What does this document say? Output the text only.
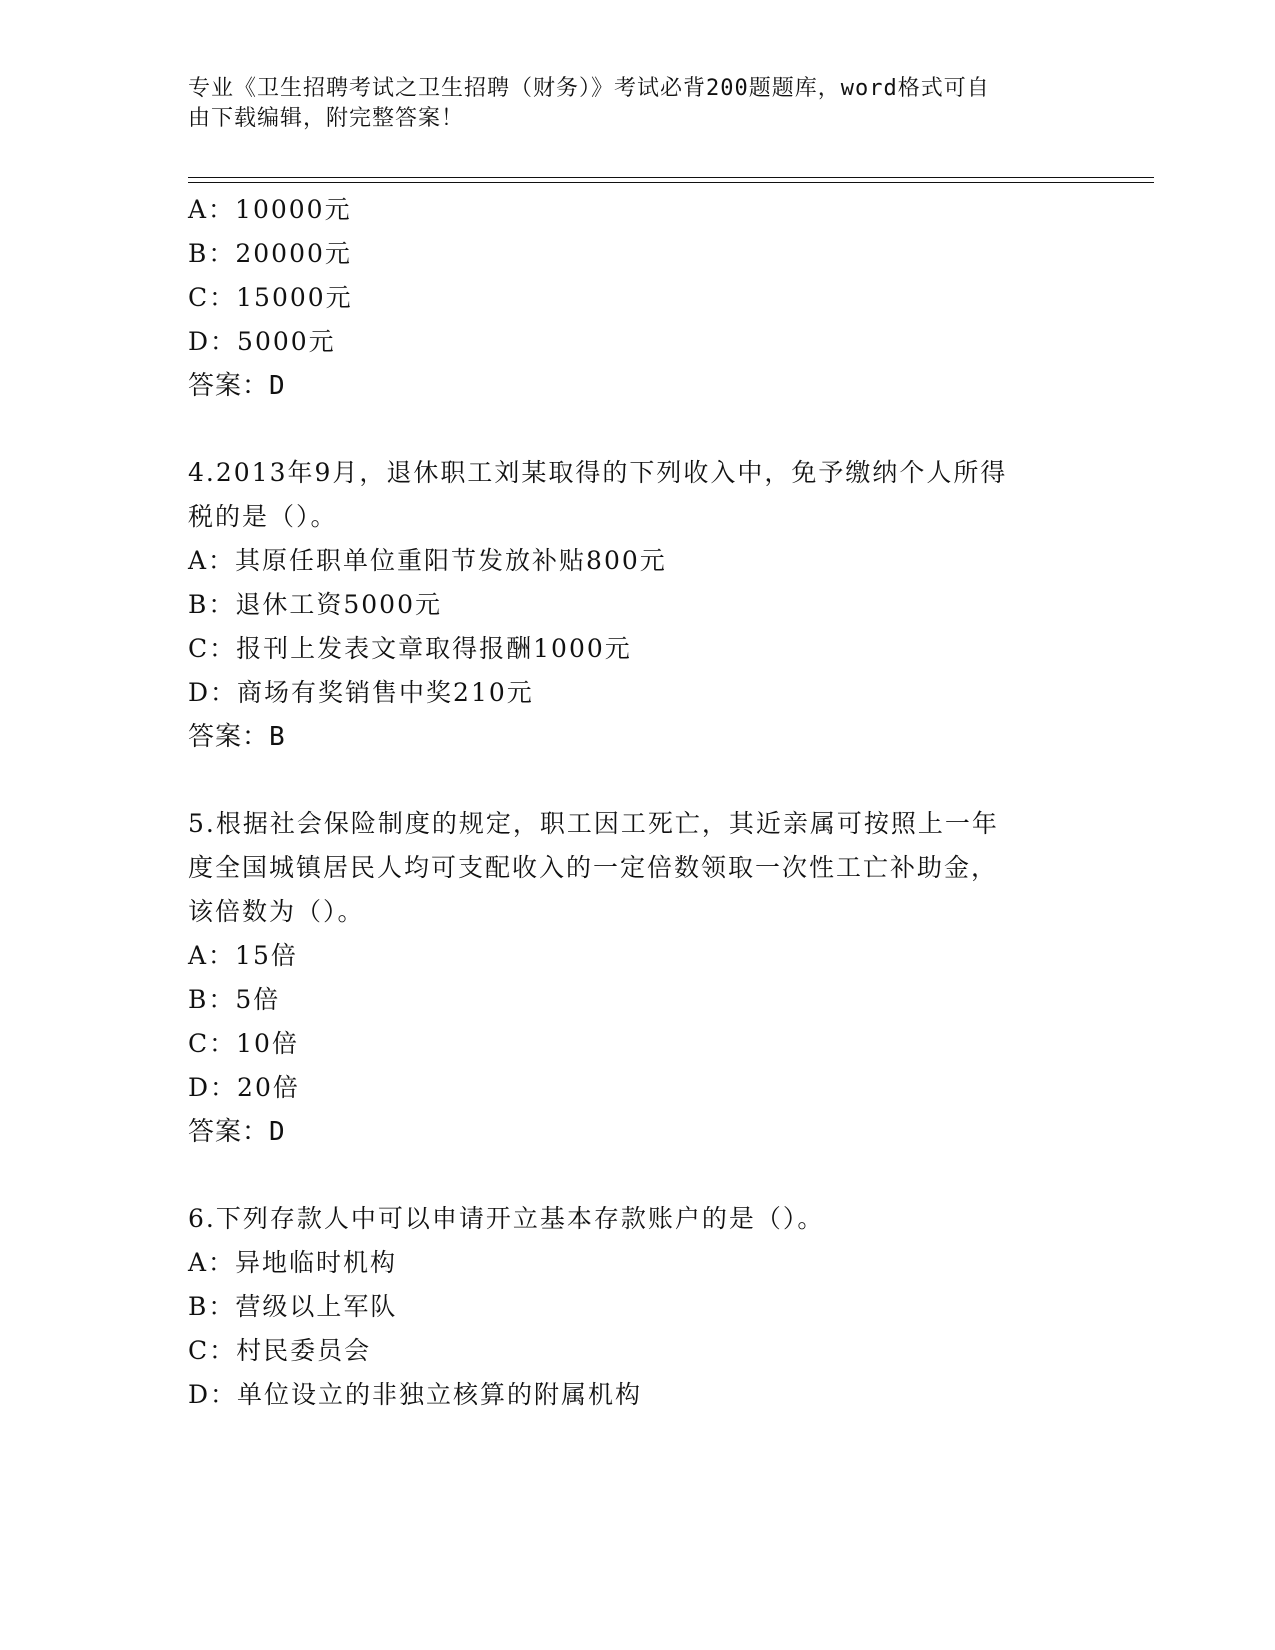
专业《卫生招聘考试之卫生招聘（财务）》考试必背200题题库，word格式可自
由下载编辑，附完整答案！
A：10000元
B：20000元
C：15000元
D：5000元
答案：D
4.2013年9月，退休职工刘某取得的下列收入中，免予缴纳个人所得
税的是（）。
A：其原任职单位重阳节发放补贴800元
B：退休工资5000元
C：报刊上发表文章取得报酬1000元
D：商场有奖销售中奖210元
答案：B
5.根据社会保险制度的规定，职工因工死亡，其近亲属可按照上一年
度全国城镇居民人均可支配收入的一定倍数领取一次性工亡补助金，
该倍数为（）。
A：15倍
B：5倍
C：10倍
D：20倍
答案：D
6.下列存款人中可以申请开立基本存款账户的是（）。
A：异地临时机构
B：营级以上军队
C：村民委员会
D：单位设立的非独立核算的附属机构
